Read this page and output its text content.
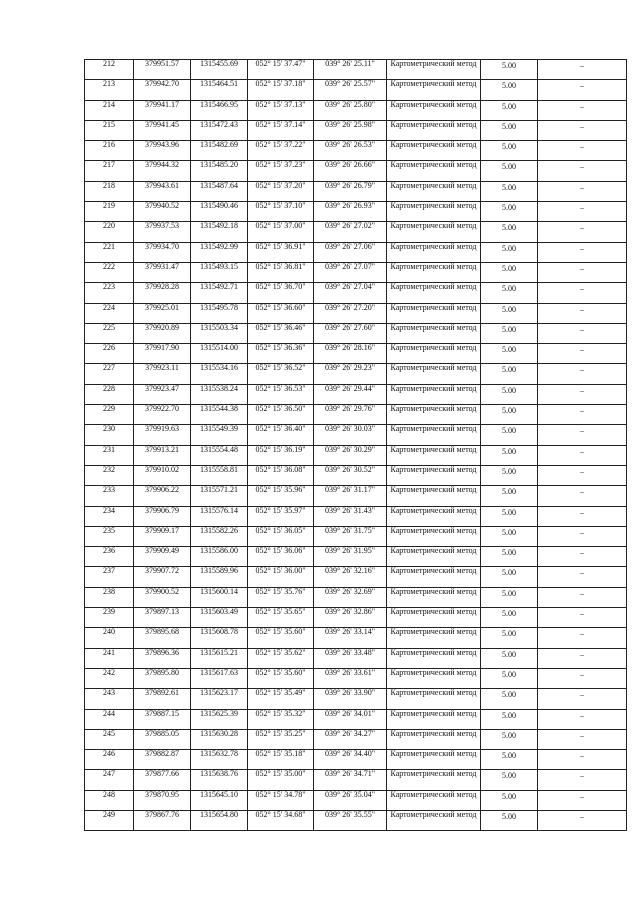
212	379951.57	1315455.69	052° 15' 37.47"	039° 26' 25.11"	Картометрический метод	5.00	–
213	379942.70	1315464.51	052° 15' 37.18"	039° 26' 25.57"	Картометрический метод	5.00	–
214	379941.17	1315466.95	052° 15' 37.13"	039° 26' 25.80"	Картометрический метод	5.00	–
215	379941.45	1315472.43	052° 15' 37.14"	039° 26' 25.98"	Картометрический метод	5.00	–
216	379943.96	1315482.69	052° 15' 37.22"	039° 26' 26.53"	Картометрический метод	5.00	–
217	379944.32	1315485.20	052° 15' 37.23"	039° 26' 26.66"	Картометрический метод	5.00	–
218	379943.61	1315487.64	052° 15' 37.20"	039° 26' 26.79"	Картометрический метод	5.00	–
219	379940.52	1315490.46	052° 15' 37.10"	039° 26' 26.93"	Картометрический метод	5.00	–
220	379937.53	1315492.18	052° 15' 37.00"	039° 26' 27.02"	Картометрический метод	5.00	–
221	379934.70	1315492.99	052° 15' 36.91"	039° 26' 27.06"	Картометрический метод	5.00	–
222	379931.47	1315493.15	052° 15' 36.81"	039° 26' 27.07"	Картометрический метод	5.00	–
223	379928.28	1315492.71	052° 15' 36.70"	039° 26' 27.04"	Картометрический метод	5.00	–
224	379925.01	1315495.78	052° 15' 36.60"	039° 26' 27.20"	Картометрический метод	5.00	–
225	379920.89	1315503.34	052° 15' 36.46"	039° 26' 27.60"	Картометрический метод	5.00	–
226	379917.90	1315514.00	052° 15' 36.36"	039° 26' 28.16"	Картометрический метод	5.00	–
227	379923.11	1315534.16	052° 15' 36.52"	039° 26' 29.23"	Картометрический метод	5.00	–
228	379923.47	1315538.24	052° 15' 36.53"	039° 26' 29.44"	Картометрический метод	5.00	–
229	379922.70	1315544.38	052° 15' 36.50"	039° 26' 29.76"	Картометрический метод	5.00	–
230	379919.63	1315549.39	052° 15' 36.40"	039° 26' 30.03"	Картометрический метод	5.00	–
231	379913.21	1315554.48	052° 15' 36.19"	039° 26' 30.29"	Картометрический метод	5.00	–
232	379910.02	1315558.81	052° 15' 36.08"	039° 26' 30.52"	Картометрический метод	5.00	–
233	379906.22	1315571.21	052° 15' 35.96"	039° 26' 31.17"	Картометрический метод	5.00	–
234	379906.79	1315576.14	052° 15' 35.97"	039° 26' 31.43"	Картометрический метод	5.00	–
235	379909.17	1315582.26	052° 15' 36.05"	039° 26' 31.75"	Картометрический метод	5.00	–
236	379909.49	1315586.00	052° 15' 36.06"	039° 26' 31.95"	Картометрический метод	5.00	–
237	379907.72	1315589.96	052° 15' 36.00"	039° 26' 32.16"	Картометрический метод	5.00	–
238	379900.52	1315600.14	052° 15' 35.76"	039° 26' 32.69"	Картометрический метод	5.00	–
239	379897.13	1315603.49	052° 15' 35.65"	039° 26' 32.86"	Картометрический метод	5.00	–
240	379895.68	1315608.78	052° 15' 35.60"	039° 26' 33.14"	Картометрический метод	5.00	–
241	379896.36	1315615.21	052° 15' 35.62"	039° 26' 33.48"	Картометрический метод	5.00	–
242	379895.80	1315617.63	052° 15' 35.60"	039° 26' 33.61"	Картометрический метод	5.00	–
243	379892.61	1315623.17	052° 15' 35.49"	039° 26' 33.90"	Картометрический метод	5.00	–
244	379887.15	1315625.39	052° 15' 35.32"	039° 26' 34.01"	Картометрический метод	5.00	–
245	379885.05	1315630.28	052° 15' 35.25"	039° 26' 34.27"	Картометрический метод	5.00	–
246	379882.87	1315632.78	052° 15' 35.18"	039° 26' 34.40"	Картометрический метод	5.00	–
247	379877.66	1315638.76	052° 15' 35.00"	039° 26' 34.71"	Картометрический метод	5.00	–
248	379870.95	1315645.10	052° 15' 34.78"	039° 26' 35.04"	Картометрический метод	5.00	–
249	379867.76	1315654.80	052° 15' 34.68"	039° 26' 35.55"	Картометрический метод	5.00	–
